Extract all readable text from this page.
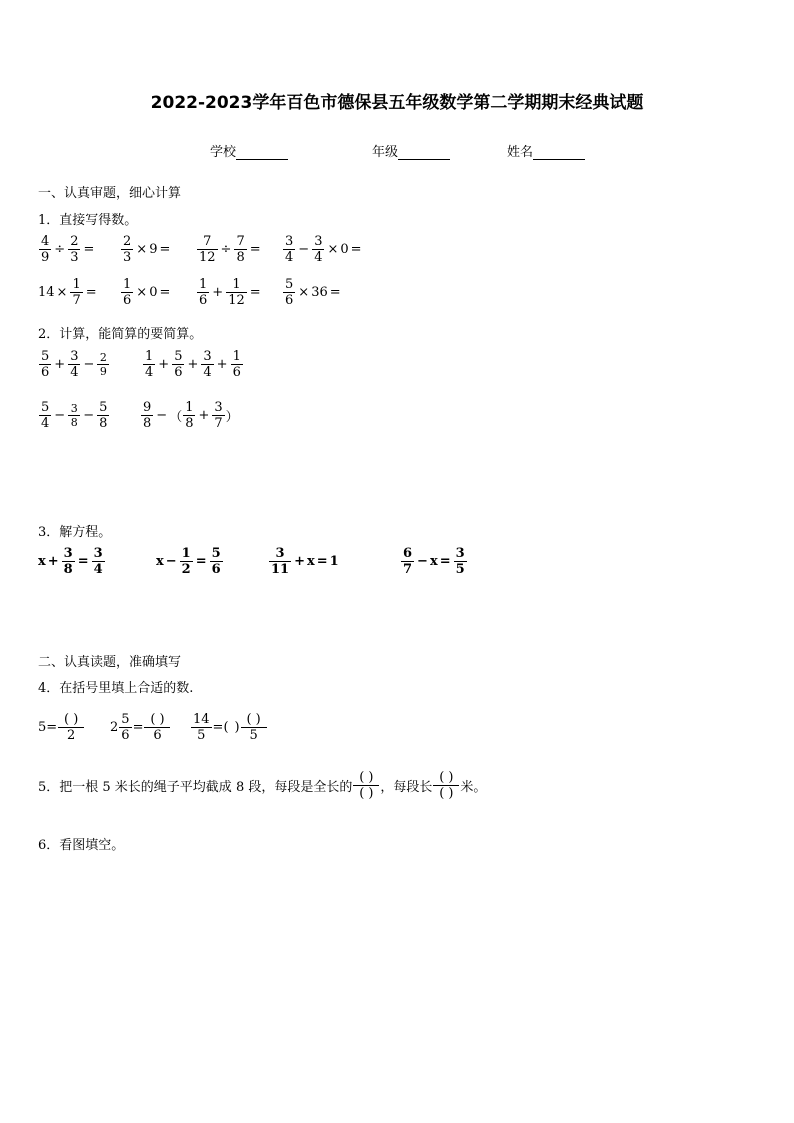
2022-2023学年百色市德保县五年级数学第二学期期末经典试题
学校	年级	姓名
一、认真审题，细心计算
1．直接写得数。
$\frac{4}{9} \div \frac{2}{3} = \frac{2}{3} \times 9 = \frac{7}{12} \div \frac{7}{8} = \frac{3}{4} - \frac{3}{4} \times 0$ =
$14 \times \frac{1}{7} = \frac{1}{6} \times 0 = \frac{1}{6} + \frac{1}{12} = \frac{5}{6} \times 36$ =
2．计算，能简算的要简算。
$\frac{5}{6} + \frac{3}{4} - \frac{2}{9}$	$\frac{1}{4} + \frac{5}{6} + \frac{3}{4} + \frac{1}{6}$
$\frac{5}{4} - \frac{3}{8} - \frac{5}{8} \frac{9}{8}$ − （ $\frac{1}{8} + \frac{3}{7}$ ）
3．解方程。
$x + \frac{3}{8} = \frac{3}{4}$	$x - \frac{1}{2} = \frac{5}{6}$	$\frac{3}{11} + x = 1$	$\frac{6}{7} - x = \frac{3}{5}$
二、认真读题，准确填写
4．在括号里填上合适的数.
$5 = \frac{( )}{2} 2 \frac{5}{6} = \frac{( )}{6} \frac{14}{5}$ = ( ) $\frac{( )}{5}$
5．把一根 5 米长的绳子平均截成 8 段，每段是全长的 $\frac{( )}{( )}$ ，每段长 $\frac{( )}{( )}$ 米。
6．看图填空。
